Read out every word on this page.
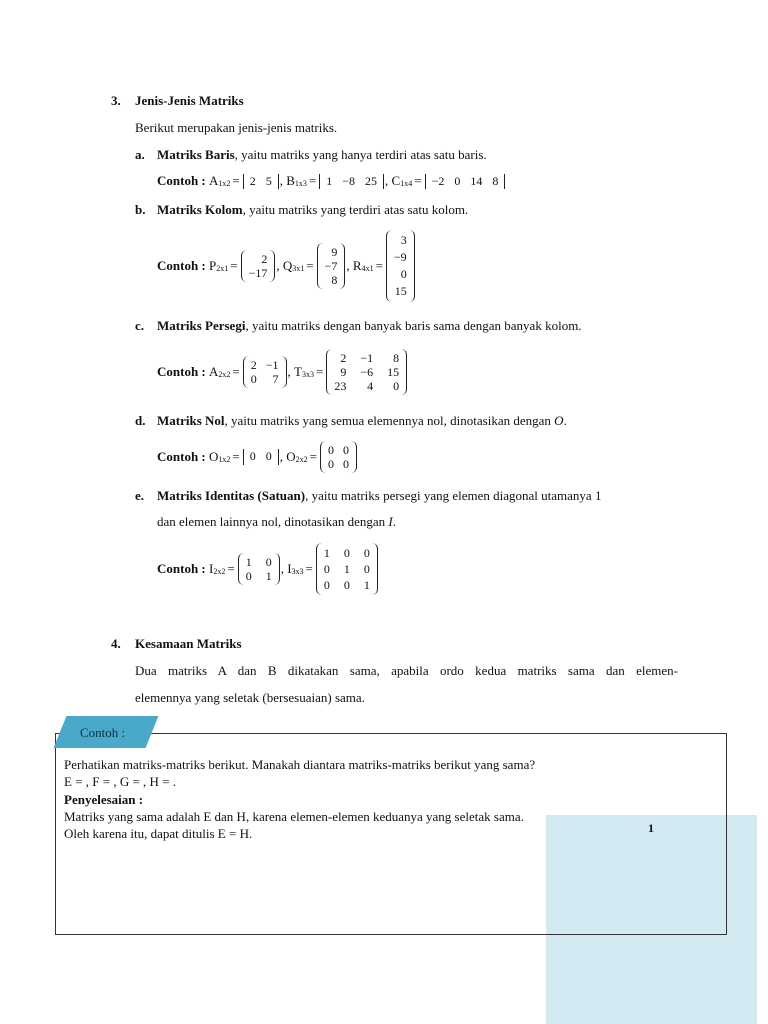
3. Jenis-Jenis Matriks
Berikut merupakan jenis-jenis matriks.
a. Matriks Baris, yaitu matriks yang hanya terdiri atas satu baris.
Contoh :
A 1x2 = 2 5 , B 1x3 = 1 −8 25 , C 1x4 = −2 0 14 8
b. Matriks Kolom, yaitu matriks yang terdiri atas satu kolom.
Contoh :
P 2x1 =	2
−17 , Q 3x1 =
9
−7
8
, R 4x1 =
3
−9
0
15
c. Matriks Persegi, yaitu matriks dengan banyak baris sama dengan banyak kolom.
Contoh :
A 2x2 = 2 −1
0	7 , T 3x3 =
2 −1	8
9 −6 15
23	4	0
d. Matriks Nol, yaitu matriks yang semua elemennya nol, dinotasikan dengan O.
Contoh :
O 1x2 = 0 0 , O 2x2 = 0 0
0 0
e. Matriks Identitas (Satuan), yaitu matriks persegi yang elemen diagonal utamanya 1
dan elemen lainnya nol, dinotasikan dengan I.
Contoh :
I 2x2 = 1 0
0 1 , I 3x3 =
1 0 0
0 1 0
0 0 1
4. Kesamaan Matriks
Dua matriks A dan B dikatakan sama, apabila ordo kedua matriks sama dan elemen-
elemennya yang seletak (bersesuaian) sama.
Contoh :
Perhatikan matriks-matriks berikut. Manakah diantara matriks-matriks berikut yang sama?
E = , F = , G = , H = .
Penyelesaian :
Matriks yang sama adalah E dan H, karena elemen-elemen keduanya yang seletak sama.
Oleh karena itu, dapat ditulis E = H.	1
